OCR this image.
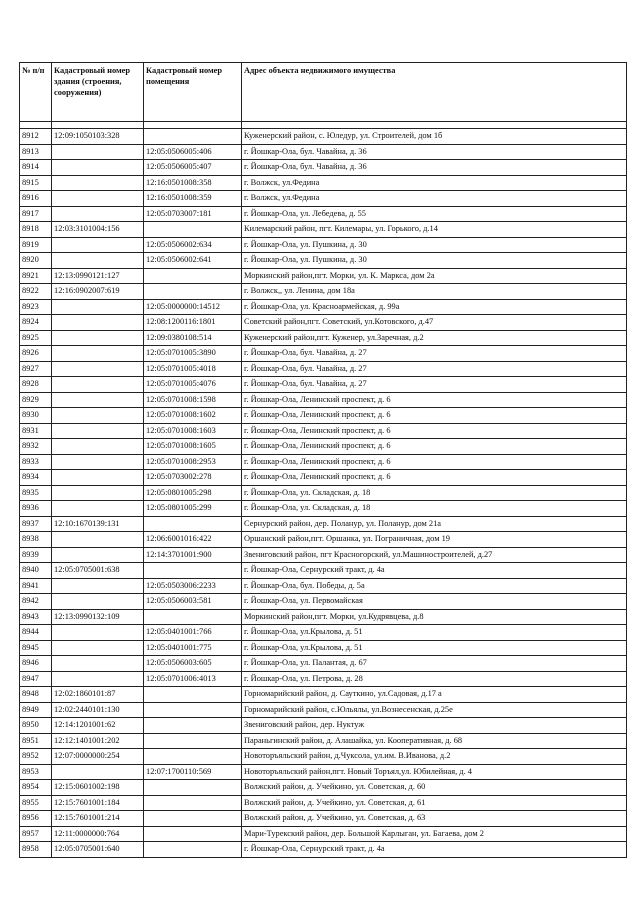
№ п/п	Кадастровый номер здания (строения, сооружения)	Кадастровый номер помещения	Адрес объекта недвижимого имущества

8912	12:09:1050103:328		Куженерский район, с. Юледур, ул. Строителей, дом 1б
8913		12:05:0506005:406	г. Йошкар-Ола, бул. Чавайна, д. 36
8914		12:05:0506005:407	г. Йошкар-Ола, бул. Чавайна, д. 36
8915		12:16:0501008:358	г. Волжск, ул.Федина
8916		12:16:0501008:359	г. Волжск, ул.Федина
8917		12:05:0703007:181	г. Йошкар-Ола, ул. Лебедева, д. 55
8918	12:03:3101004:156		Килемарский район, пгт. Килемары, ул. Горького, д.14
8919		12:05:0506002:634	г. Йошкар-Ола, ул. Пушкина, д. 30
8920		12:05:0506002:641	г. Йошкар-Ола, ул. Пушкина, д. 30
8921	12:13:0990121:127		Моркинский район,пгт. Морки, ул. К. Маркса, дом 2а
8922	12:16:0902007:619		г. Волжск,, ул. Ленина, дом 18а
8923		12:05:0000000:14512	г. Йошкар-Ола, ул. Красноармейская, д. 99а
8924		12:08:1200116:1801	Советский район,пгт. Советский, ул.Котовского, д.47
8925		12:09:0380108:514	Куженерский район,пгт. Куженер, ул.Заречная, д.2
8926		12:05:0701005:3890	г. Йошкар-Ола, бул. Чавайна, д. 27
8927		12:05:0701005:4018	г. Йошкар-Ола, бул. Чавайна, д. 27
8928		12:05:0701005:4076	г. Йошкар-Ола, бул. Чавайна, д. 27
8929		12:05:0701008:1598	г. Йошкар-Ола, Ленинский проспект, д. 6
8930		12:05:0701008:1602	г. Йошкар-Ола, Ленинский проспект, д. 6
8931		12:05:0701008:1603	г. Йошкар-Ола, Ленинский проспект, д. 6
8932		12:05:0701008:1605	г. Йошкар-Ола, Ленинский проспект, д. 6
8933		12:05:0701008:2953	г. Йошкар-Ола, Ленинский проспект, д. 6
8934		12:05:0703002:278	г. Йошкар-Ола, Ленинский проспект, д. 6
8935		12:05:0801005:298	г. Йошкар-Ола, ул. Складская, д. 18
8936		12:05:0801005:299	г. Йошкар-Ола, ул. Складская, д. 18
8937	12:10:1670139:131		Сернурский район, дер. Поланур, ул. Поланур, дом 21а
8938		12:06:6001016:422	Оршанский район,пгт. Оршанка, ул. Пограничная, дом 19
8939		12:14:3701001:900	Звениговский район, пгт Красногорский, ул.Машиностроителей, д.27
8940	12:05:0705001:638		г. Йошкар-Ола, Сернурский тракт, д. 4а
8941		12:05:0503006:2233	г. Йошкар-Ола, бул. Победы, д. 5а
8942		12:05:0506003:581	г. Йошкар-Ола, ул. Первомайская
8943	12:13:0990132:109		Моркинский район,пгт. Морки, ул.Кудрявцева, д.8
8944		12:05:0401001:766	г. Йошкар-Ола, ул.Крылова, д. 51
8945		12:05:0401001:775	г. Йошкар-Ола, ул.Крылова, д. 51
8946		12:05:0506003:605	г. Йошкар-Ола, ул. Палантая, д. 67
8947		12:05:0701006:4013	г. Йошкар-Ола, ул. Петрова, д. 28
8948	12:02:1860101:87		Горномарийский район, д. Сауткино, ул.Садовая, д.17 а
8949	12:02:2440101:130		Горномарийский район, с.Юльялы, ул.Вознесенская, д.25е
8950	12:14:1201001:62		Звениговский район, дер. Нуктуж
8951	12:12:1401001:202		Параньгинский район, д. Алашайка, ул. Кооперативная, д. 68
8952	12:07:0000000:254		Новоторъяльский район, д.Чуксола, ул.им. В.Иванова, д.2
8953		12:07:1700110:569	Новоторъяльский район,пгт. Новый Торъял,ул. Юбилейная, д. 4
8954	12:15:0601002:198		Волжский район, д. Учейкино, ул. Советская, д. 60
8955	12:15:7601001:184		Волжский район, д. Учейкино, ул. Советская, д. 61
8956	12:15:7601001:214		Волжский район, д. Учейкино, ул. Советская, д. 63
8957	12:11:0000000:764		Мари-Турекский район, дер. Большой Карлыган, ул. Багаева, дом 2
8958	12:05:0705001:640		г. Йошкар-Ола, Сернурский тракт, д. 4а
